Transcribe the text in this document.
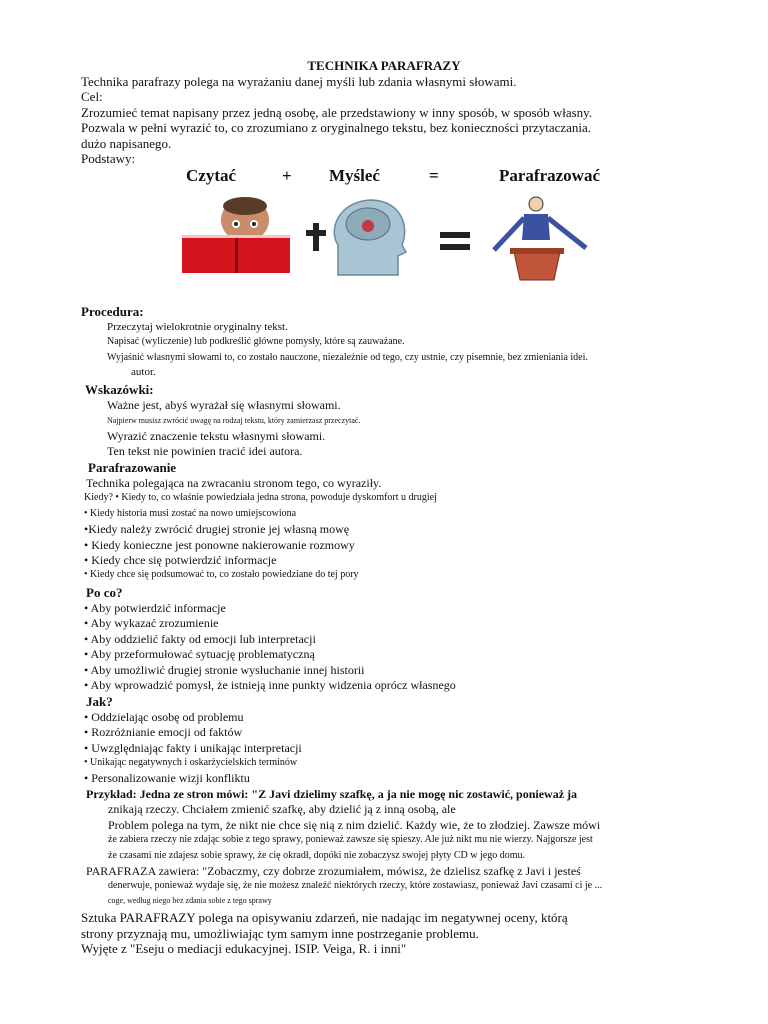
TECHNIKA PARAFRAZY
Technika parafrazy polega na wyrażaniu danej myśli lub zdania własnymi słowami.
Cel:
Zrozumieć temat napisany przez jedną osobę, ale przedstawiony w inny sposób, w sposób własny.
Pozwala w pełni wyrazić to, co zrozumiano z oryginalnego tekstu, bez konieczności przytaczania.
dużo napisanego.
Podstawy:
Czytać	+ Myśleć	=	Parafrazować
Procedura:
Przeczytaj wielokrotnie oryginalny tekst.
Napisać (wyliczenie) lub podkreślić główne pomysły, które są zauważane.
Wyjaśnić własnymi słowami to, co zostało nauczone, niezależnie od tego, czy ustnie, czy pisemnie, bez zmieniania idei.
autor.
Wskazówki:
Ważne jest, abyś wyrażał się własnymi słowami.
Najpierw musisz zwrócić uwagę na rodzaj tekstu, który zamierzasz przeczytać.
Wyrazić znaczenie tekstu własnymi słowami.
Ten tekst nie powinien tracić idei autora.
Parafrazowanie
Technika polegająca na zwracaniu stronom tego, co wyraziły.
Kiedy? • Kiedy to, co właśnie powiedziała jedna strona, powoduje dyskomfort u drugiej
• Kiedy historia musi zostać na nowo umiejscowiona
•Kiedy należy zwrócić drugiej stronie jej własną mowę
• Kiedy konieczne jest ponowne nakierowanie rozmowy
• Kiedy chce się potwierdzić informacje
• Kiedy chce się podsumować to, co zostało powiedziane do tej pory
Po co?
• Aby potwierdzić informacje
• Aby wykazać zrozumienie
• Aby oddzielić fakty od emocji lub interpretacji
• Aby przeformułować sytuację problematyczną
• Aby umożliwić drugiej stronie wysłuchanie innej historii
• Aby wprowadzić pomysł, że istnieją inne punkty widzenia oprócz własnego
Jak?
• Oddzielając osobę od problemu
• Rozróżnianie emocji od faktów
• Uwzględniając fakty i unikając interpretacji
• Unikając negatywnych i oskarżycielskich terminów
• Personalizowanie wizji konfliktu
Przykład: Jedna ze stron mówi: "Z Javi dzielimy szafkę, a ja nie mogę nic zostawić, ponieważ ja
znikają rzeczy. Chciałem zmienić szafkę, aby dzielić ją z inną osobą, ale
Problem polega na tym, że nikt nie chce się nią z nim dzielić. Każdy wie, że to złodziej. Zawsze mówi
że zabiera rzeczy nie zdając sobie z tego sprawy, ponieważ zawsze się spieszy. Ale już nikt mu nie wierzy. Najgorsze jest
że czasami nie zdajesz sobie sprawy, że cię okradł, dopóki nie zobaczysz swojej płyty CD w jego domu.
PARAFRAZA zawiera: "Zobaczmy, czy dobrze zrozumiałem, mówisz, że dzielisz szafkę z Javi i jesteś
denerwuje, ponieważ wydaje się, że nie możesz znaleźć niektórych rzeczy, które zostawiasz, ponieważ Javi czasami ci je ...
coge, według niego bez zdania sobie z tego sprawy
Sztuka PARAFRAZY polega na opisywaniu zdarzeń, nie nadając im negatywnej oceny, którą
strony przyznają mu, umożliwiając tym samym inne postrzeganie problemu.
Wyjęte z "Eseju o mediacji edukacyjnej. ISIP. Veiga, R. i inni"
